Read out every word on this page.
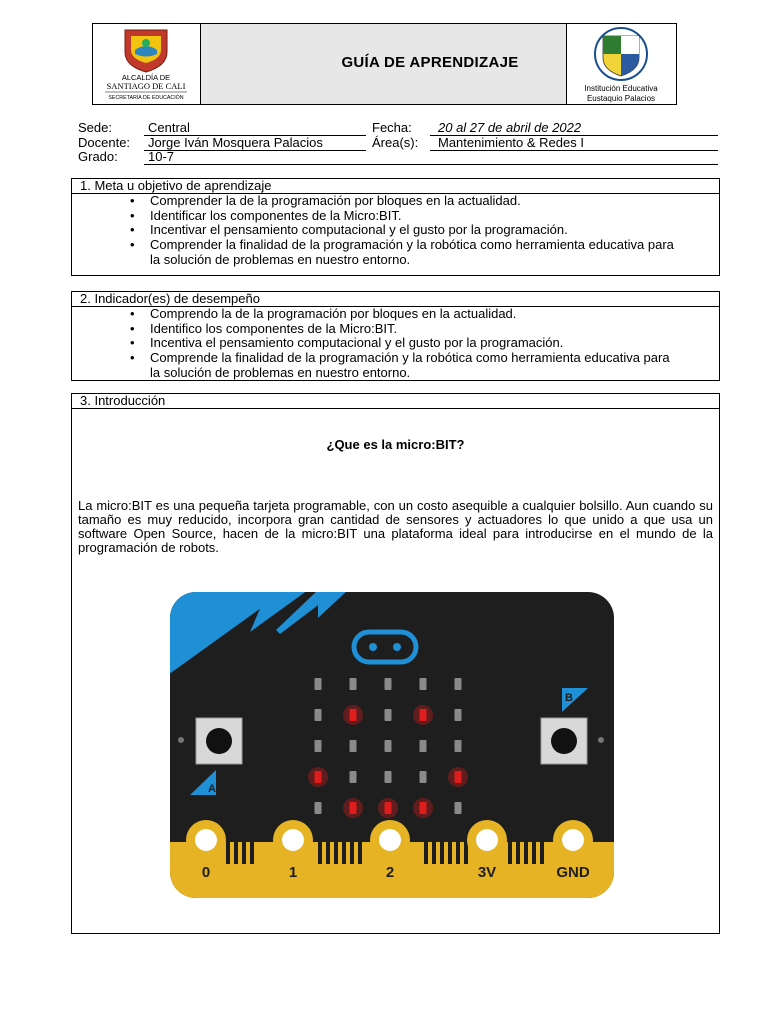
ALCALDÍA DE
SANTIAGO DE CALI
SECRETARÍA DE EDUCACIÓN
GUÍA DE APRENDIZAJE
Institución Educativa
Eustaquio Palacios
Sede:	Central	Fecha: 20 al 27 de abril de 2022
Docente: Jorge Iván Mosquera Palacios	Área(s): Mantenimiento & Redes I
Grado: 10-7
1. Meta u objetivo de aprendizaje
• Comprender la de la programación por bloques en la actualidad.
• Identificar los componentes de la Micro:BIT.
• Incentivar el pensamiento computacional y el gusto por la programación.
• Comprender la finalidad de la programación y la robótica como herramienta educativa para
la solución de problemas en nuestro entorno.
2. Indicador(es) de desempeño
• Comprendo la de la programación por bloques en la actualidad.
• Identifico los componentes de la Micro:BIT.
• Incentiva el pensamiento computacional y el gusto por la programación.
• Comprende la finalidad de la programación y la robótica como herramienta educativa para
la solución de problemas en nuestro entorno.
3. Introducción
¿Que es la micro:BIT?
La micro:BIT es una pequeña tarjeta programable, con un costo asequible a cualquier bolsillo. Aun cuando su tamaño es muy reducido, incorpora gran cantidad de sensores y actuadores lo que unido a que usa un software Open Source, hacen de la micro:BIT una plataforma ideal para introducirse en el mundo de la programación de robots.
0	1	2	3V	GND
A
B
